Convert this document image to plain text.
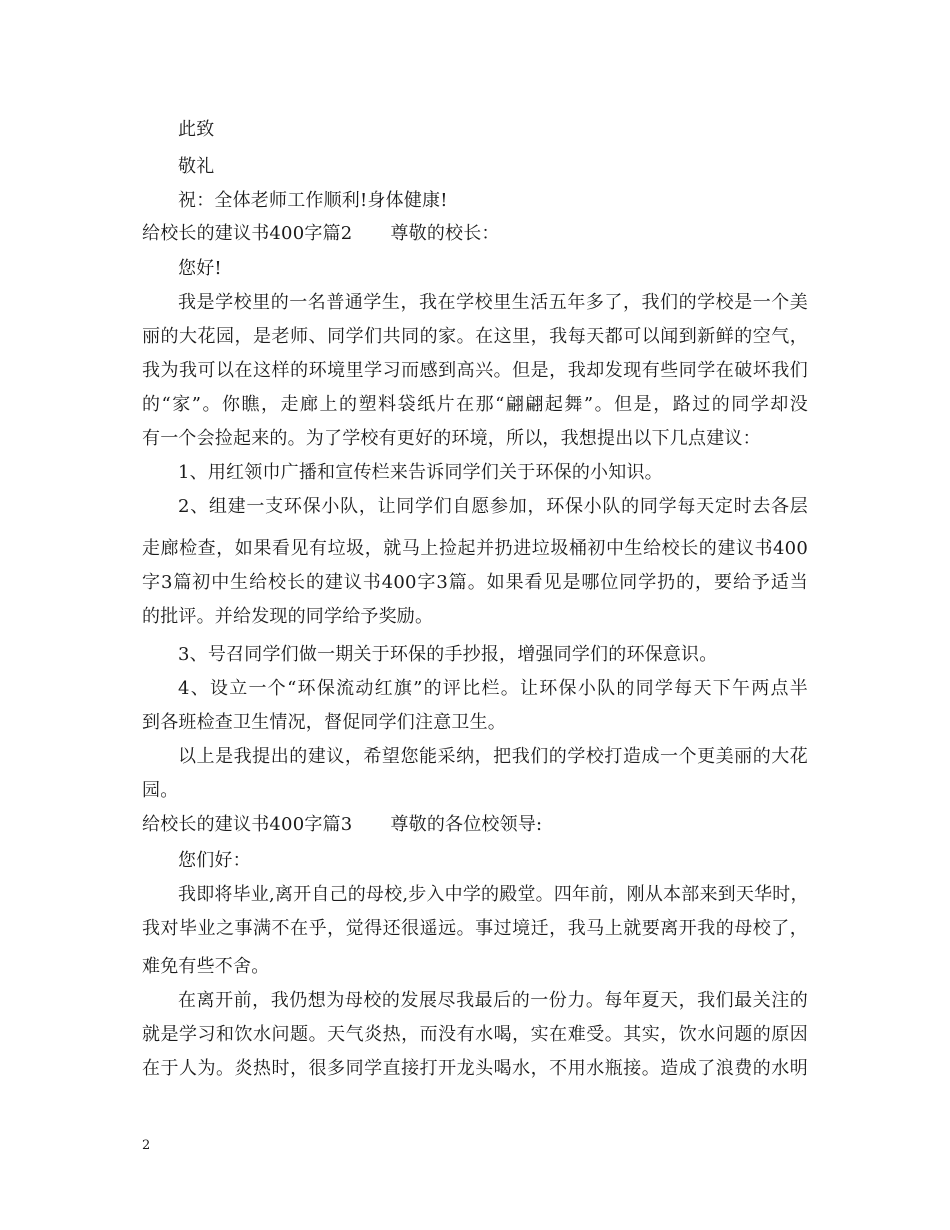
此致
敬礼
祝：全体老师工作顺利!身体健康!
给校长的建议书400字篇2 尊敬的校长：
您好!
我是学校里的一名普通学生，我在学校里生活五年多了，我们的学校是一个美
丽的大花园，是老师、同学们共同的家。在这里，我每天都可以闻到新鲜的空气，
我为我可以在这样的环境里学习而感到高兴。但是，我却发现有些同学在破坏我们
的“家”。你瞧，走廊上的塑料袋纸片在那“翩翩起舞”。但是，路过的同学却没
有一个会捡起来的。为了学校有更好的环境，所以，我想提出以下几点建议：
1、用红领巾广播和宣传栏来告诉同学们关于环保的小知识。
2、组建一支环保小队，让同学们自愿参加，环保小队的同学每天定时去各层
走廊检查，如果看见有垃圾，就马上捡起并扔进垃圾桶初中生给校长的建议书400
字3篇初中生给校长的建议书400字3篇。如果看见是哪位同学扔的，要给予适当
的批评。并给发现的同学给予奖励。
3、号召同学们做一期关于环保的手抄报，增强同学们的环保意识。
4、设立一个“环保流动红旗”的评比栏。让环保小队的同学每天下午两点半
到各班检查卫生情况，督促同学们注意卫生。
以上是我提出的建议，希望您能采纳，把我们的学校打造成一个更美丽的大花
园。
给校长的建议书400字篇3 尊敬的各位校领导:
您们好：
我即将毕业,离开自己的母校,步入中学的殿堂。四年前，刚从本部来到天华时，
我对毕业之事满不在乎，觉得还很遥远。事过境迁，我马上就要离开我的母校了，
难免有些不舍。
在离开前，我仍想为母校的发展尽我最后的一份力。每年夏天，我们最关注的
就是学习和饮水问题。天气炎热，而没有水喝，实在难受。其实，饮水问题的原因
在于人为。炎热时，很多同学直接打开龙头喝水，不用水瓶接。造成了浪费的水明
2
